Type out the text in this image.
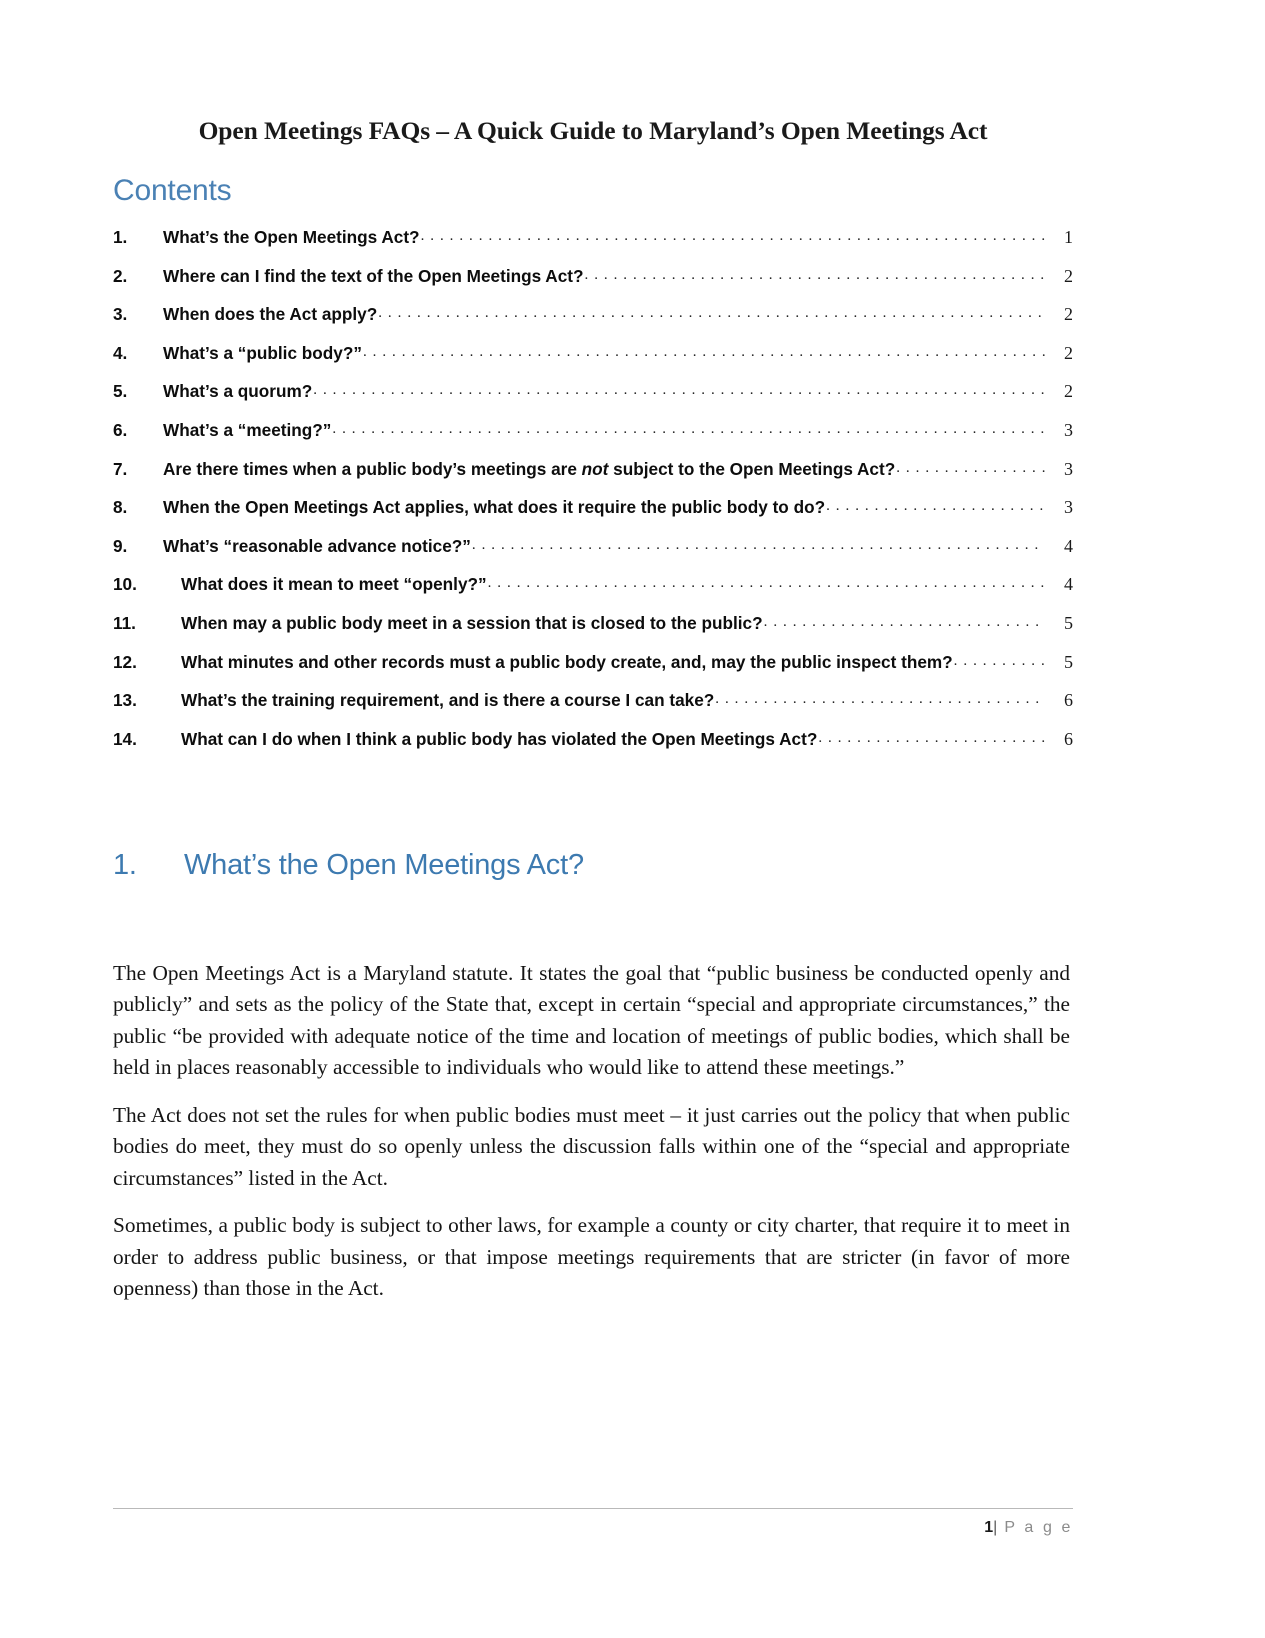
Open Meetings FAQs – A Quick Guide to Maryland’s Open Meetings Act
Contents
1.	What’s the Open Meetings Act? . . .	1
2.	Where can I find the text of the Open Meetings Act? . . .	2
3.	When does the Act apply? . . .	2
4.	What’s a “public body?” . . .	2
5.	What’s a quorum? . . .	2
6.	What’s a “meeting?” . . .	3
7.	Are there times when a public body’s meetings are not subject to the Open Meetings Act? . . .	3
8.	When the Open Meetings Act applies, what does it require the public body to do? . . .	3
9.	What’s “reasonable advance notice?” . . .	4
10.	What does it mean to meet “openly?” . . .	4
11.	When may a public body meet in a session that is closed to the public? . . .	5
12.	What minutes and other records must a public body create, and, may the public inspect them? . . .	5
13.	What’s the training requirement, and is there a course I can take? . . .	6
14.	What can I do when I think a public body has violated the Open Meetings Act? . . .	6
1.	What’s the Open Meetings Act?

The Open Meetings Act is a Maryland statute. It states the goal that “public business be conducted openly and publicly” and sets as the policy of the State that, except in certain “special and appropriate circumstances,” the public “be provided with adequate notice of the time and location of meetings of public bodies, which shall be held in places reasonably accessible to individuals who would like to attend these meetings.”

The Act does not set the rules for when public bodies must meet – it just carries out the policy that when public bodies do meet, they must do so openly unless the discussion falls within one of the “special and appropriate circumstances” listed in the Act.

Sometimes, a public body is subject to other laws, for example a county or city charter, that require it to meet in order to address public business, or that impose meetings requirements that are stricter (in favor of more openness) than those in the Act.

1| P a g e
